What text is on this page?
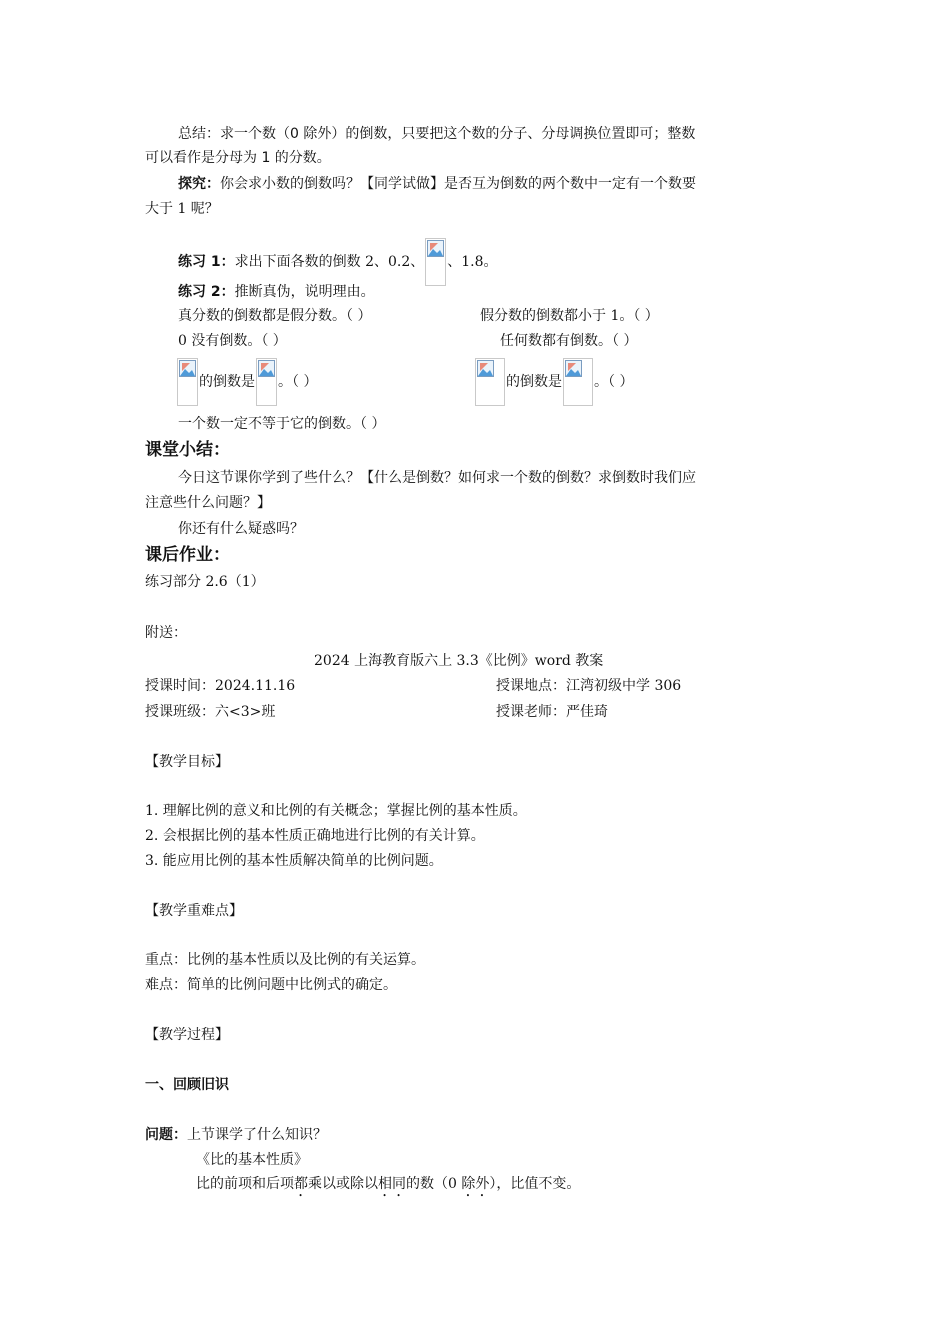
总结：求一个数（0 除外）的倒数，只要把这个数的分子、分母调换位置即可；整数
可以看作是分母为 1 的分数。
探究：你会求小数的倒数吗？【同学试做】是否互为倒数的两个数中一定有一个数要
大于 1 呢？
练习 1：求出下面各数的倒数 2、0.2、 、1.8。
练习 2：推断真伪，说明理由。
真分数的倒数都是假分数。（ ）	假分数的倒数都小于 1。（ ）
0 没有倒数。（ ）	任何数都有倒数。（ ）
的倒数是 。（ ）	的倒数是 。（ ）
一个数一定不等于它的倒数。（ ）
课堂小结：
今日这节课你学到了些什么？【什么是倒数？如何求一个数的倒数？求倒数时我们应
注意些什么问题？】
你还有什么疑惑吗？
课后作业：
练习部分 2.6（1）
附送：
2024 上海教育版六上 3.3《比例》word 教案
授课时间：2024.11.16	授课地点：江湾初级中学 306
授课班级：六<3>班	授课老师：严佳琦
【教学目标】
1. 理解比例的意义和比例的有关概念；掌握比例的基本性质。
2. 会根据比例的基本性质正确地进行比例的有关计算。
3. 能应用比例的基本性质解决简单的比例问题。
【教学重难点】
重点：比例的基本性质以及比例的有关运算。
难点：简单的比例问题中比例式的确定。
【教学过程】
一、回顾旧识
问题：上节课学了什么知识？
《比的基本性质》
比的前项和后项都乘以或除以相同的数（0 除外），比值不变。
